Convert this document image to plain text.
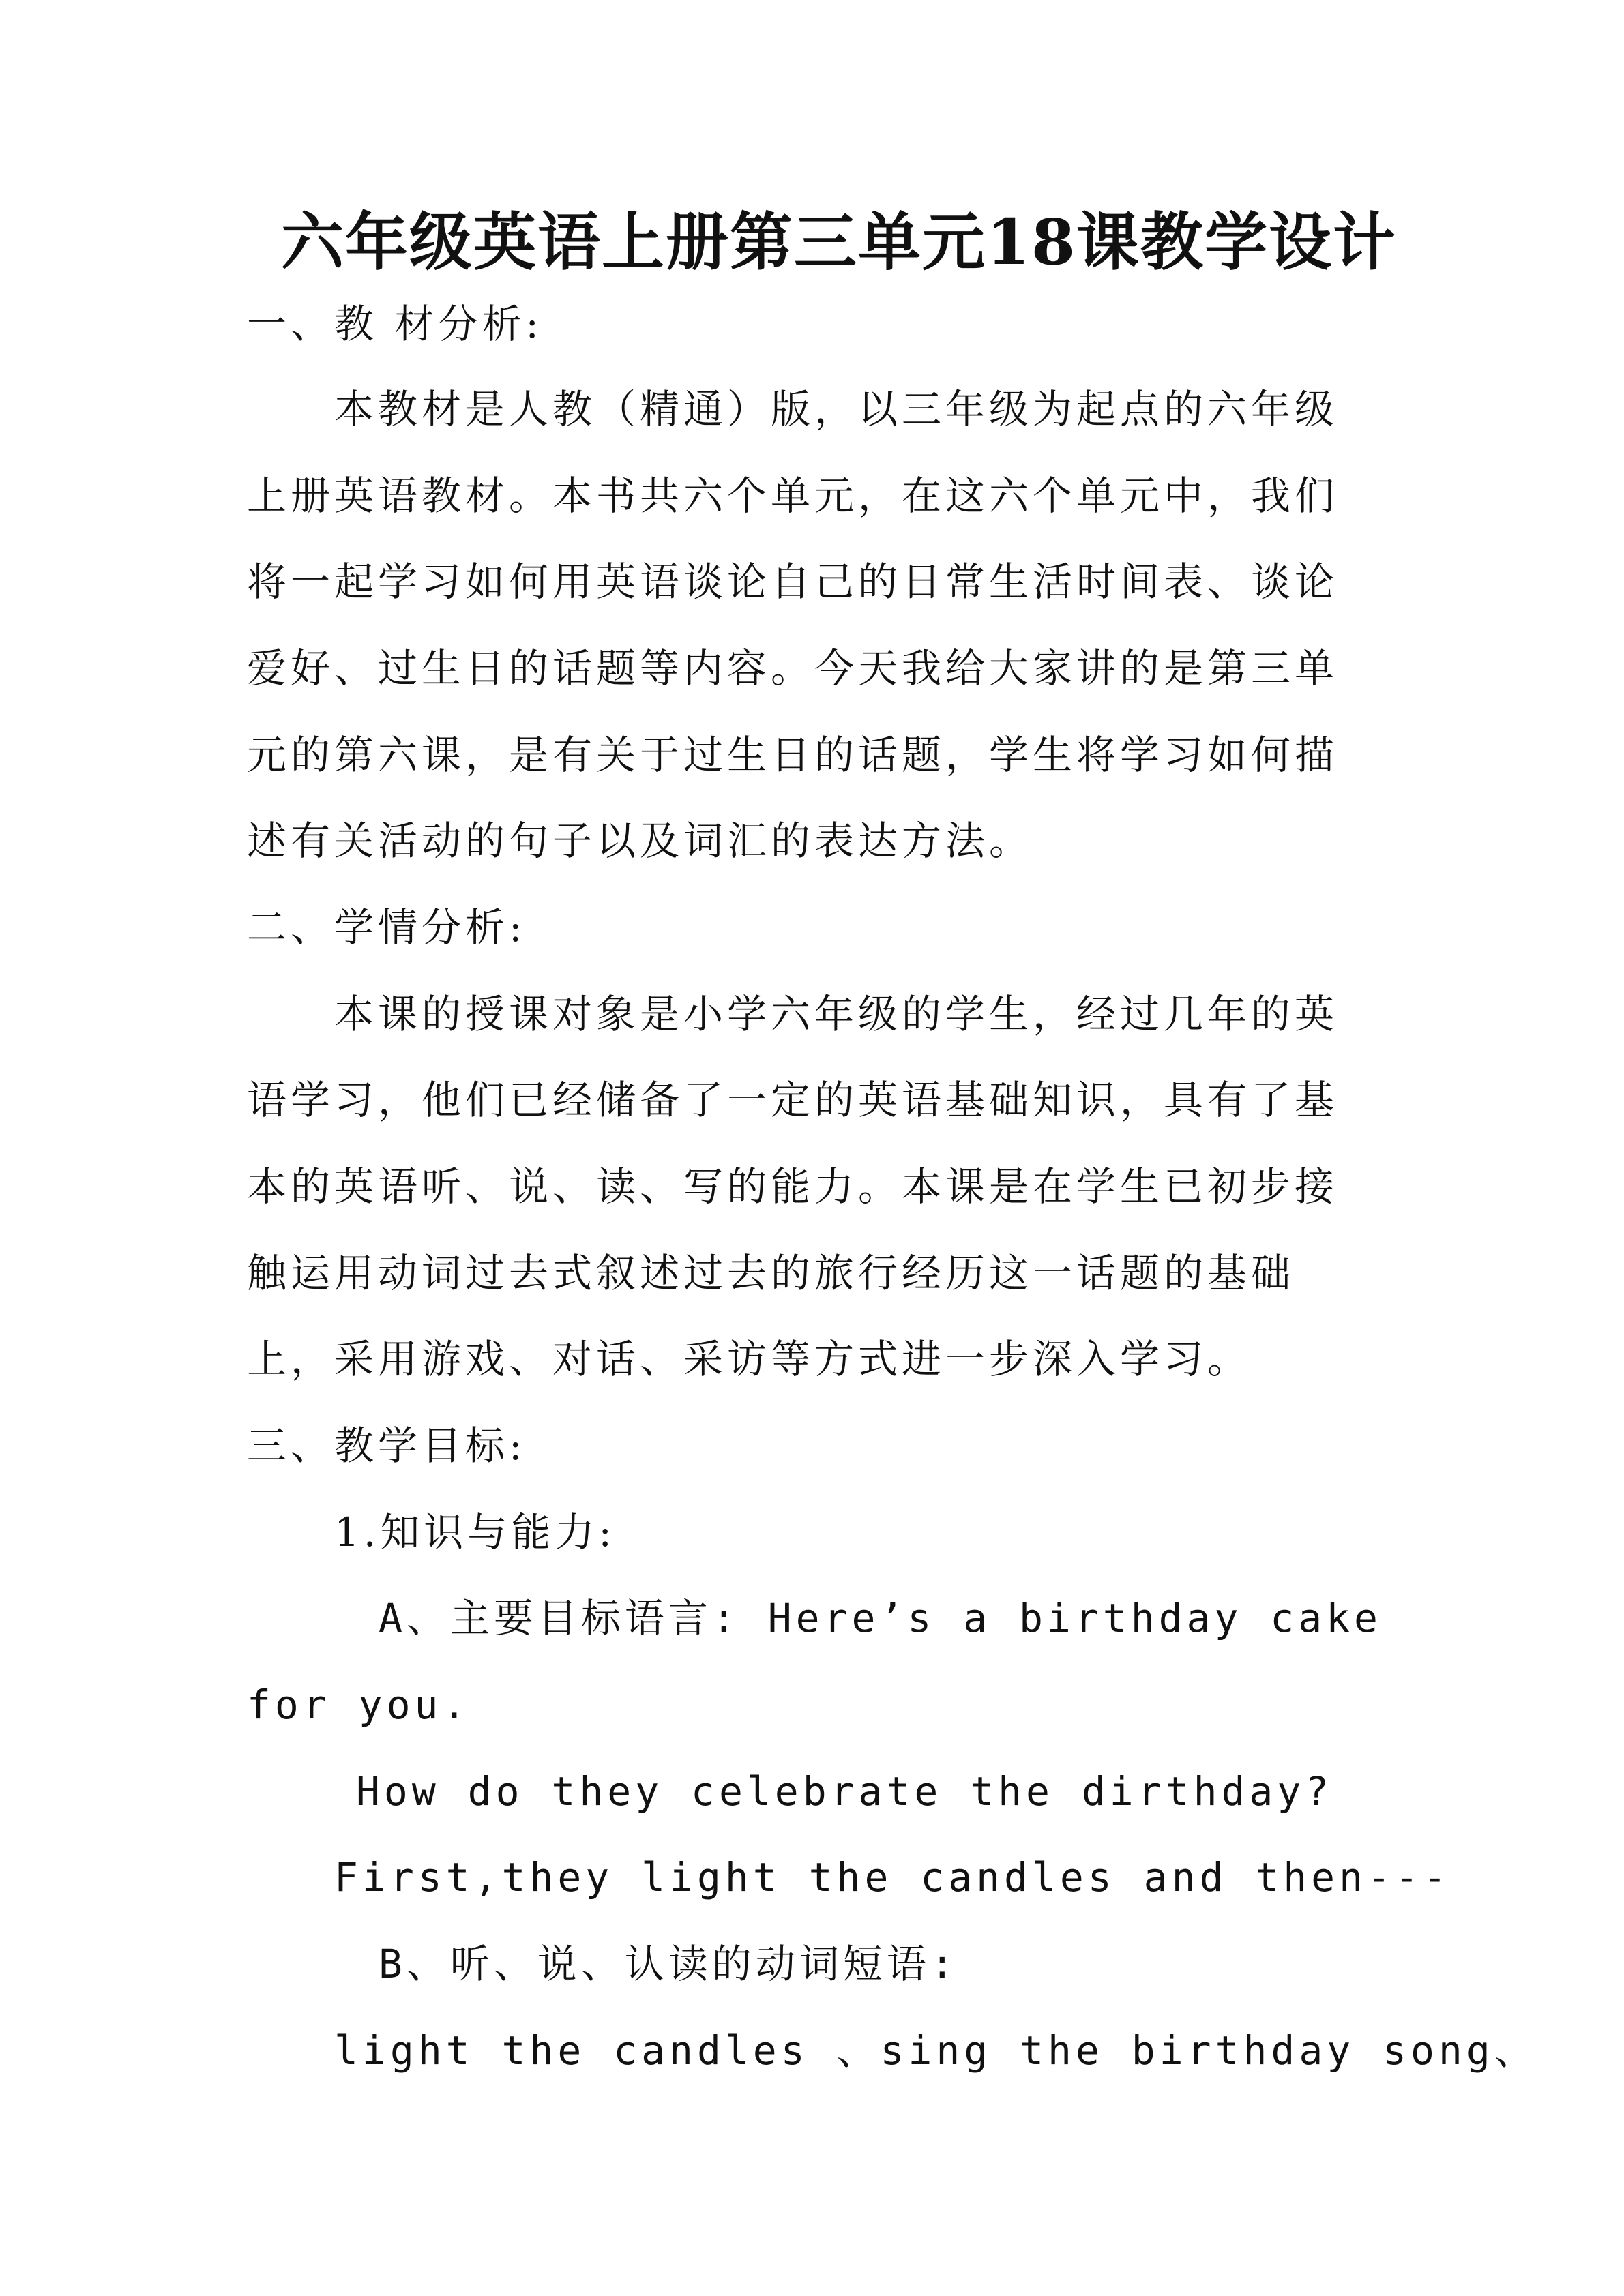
六年级英语上册第三单元18课教学设计
一、教 材分析:
本教材是人教（精通）版，以三年级为起点的六年级
上册英语教材。本书共六个单元，在这六个单元中，我们
将一起学习如何用英语谈论自己的日常生活时间表、谈论
爱好、过生日的话题等内容。今天我给大家讲的是第三单
元的第六课，是有关于过生日的话题，学生将学习如何描
述有关活动的句子以及词汇的表达方法。
二、学情分析:
本课的授课对象是小学六年级的学生，经过几年的英
语学习，他们已经储备了一定的英语基础知识，具有了基
本的英语听、说、读、写的能力。本课是在学生已初步接
触运用动词过去式叙述过去的旅行经历这一话题的基础
上，采用游戏、对话、采访等方式进一步深入学习。
三、教学目标:
1.知识与能力:
A、主要目标语言: Here’s a birthday cake
for you.
How do they celebrate the dirthday?
First,they light the candles and then---
B、听、说、认读的动词短语:
light the candles 、sing the birthday song、
